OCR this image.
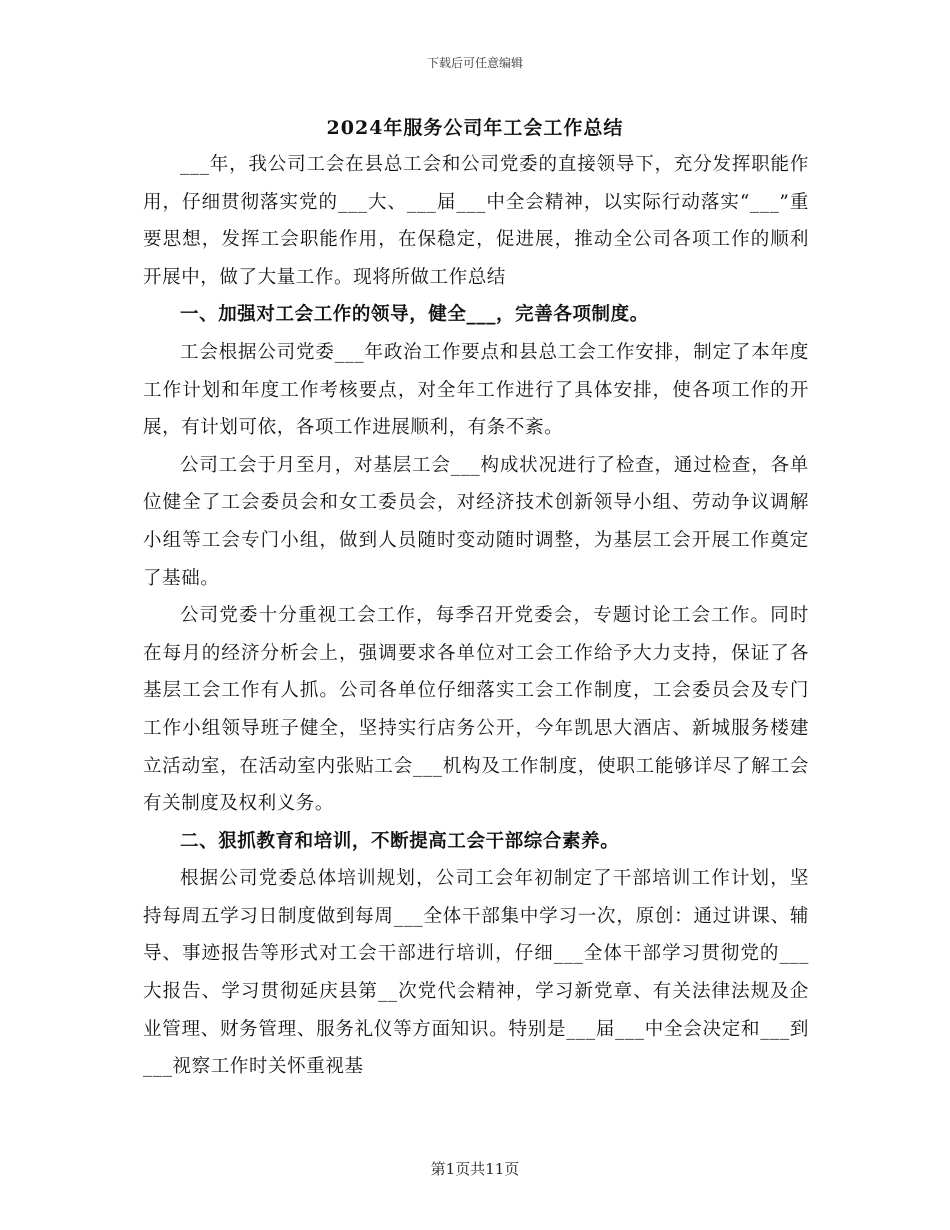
下载后可任意编辑
2024年服务公司年工会工作总结

___年，我公司工会在县总工会和公司党委的直接领导下，充分发挥职能作用，仔细贯彻落实党的___大、___届___中全会精神，以实际行动落实“___”重要思想，发挥工会职能作用，在保稳定，促进展，推动全公司各项工作的顺利开展中，做了大量工作。现将所做工作总结

一、加强对工会工作的领导，健全___，完善各项制度。

工会根据公司党委___年政治工作要点和县总工会工作安排，制定了本年度工作计划和年度工作考核要点，对全年工作进行了具体安排，使各项工作的开展，有计划可依，各项工作进展顺利，有条不紊。

公司工会于月至月，对基层工会___构成状况进行了检查，通过检查，各单位健全了工会委员会和女工委员会，对经济技术创新领导小组、劳动争议调解小组等工会专门小组，做到人员随时变动随时调整，为基层工会开展工作奠定了基础。

公司党委十分重视工会工作，每季召开党委会，专题讨论工会工作。同时在每月的经济分析会上，强调要求各单位对工会工作给予大力支持，保证了各基层工会工作有人抓。公司各单位仔细落实工会工作制度，工会委员会及专门工作小组领导班子健全，坚持实行店务公开，今年凯思大酒店、新城服务楼建立活动室，在活动室内张贴工会___机构及工作制度，使职工能够详尽了解工会有关制度及权利义务。

二、狠抓教育和培训，不断提高工会干部综合素养。

根据公司党委总体培训规划，公司工会年初制定了干部培训工作计划，坚持每周五学习日制度做到每周___全体干部集中学习一次，原创：通过讲课、辅导、事迹报告等形式对工会干部进行培训，仔细___全体干部学习贯彻党的___大报告、学习贯彻延庆县第__次党代会精神，学习新党章、有关法律法规及企业管理、财务管理、服务礼仪等方面知识。特别是___届___中全会决定和___到___视察工作时关怀重视基

第1页共11页
